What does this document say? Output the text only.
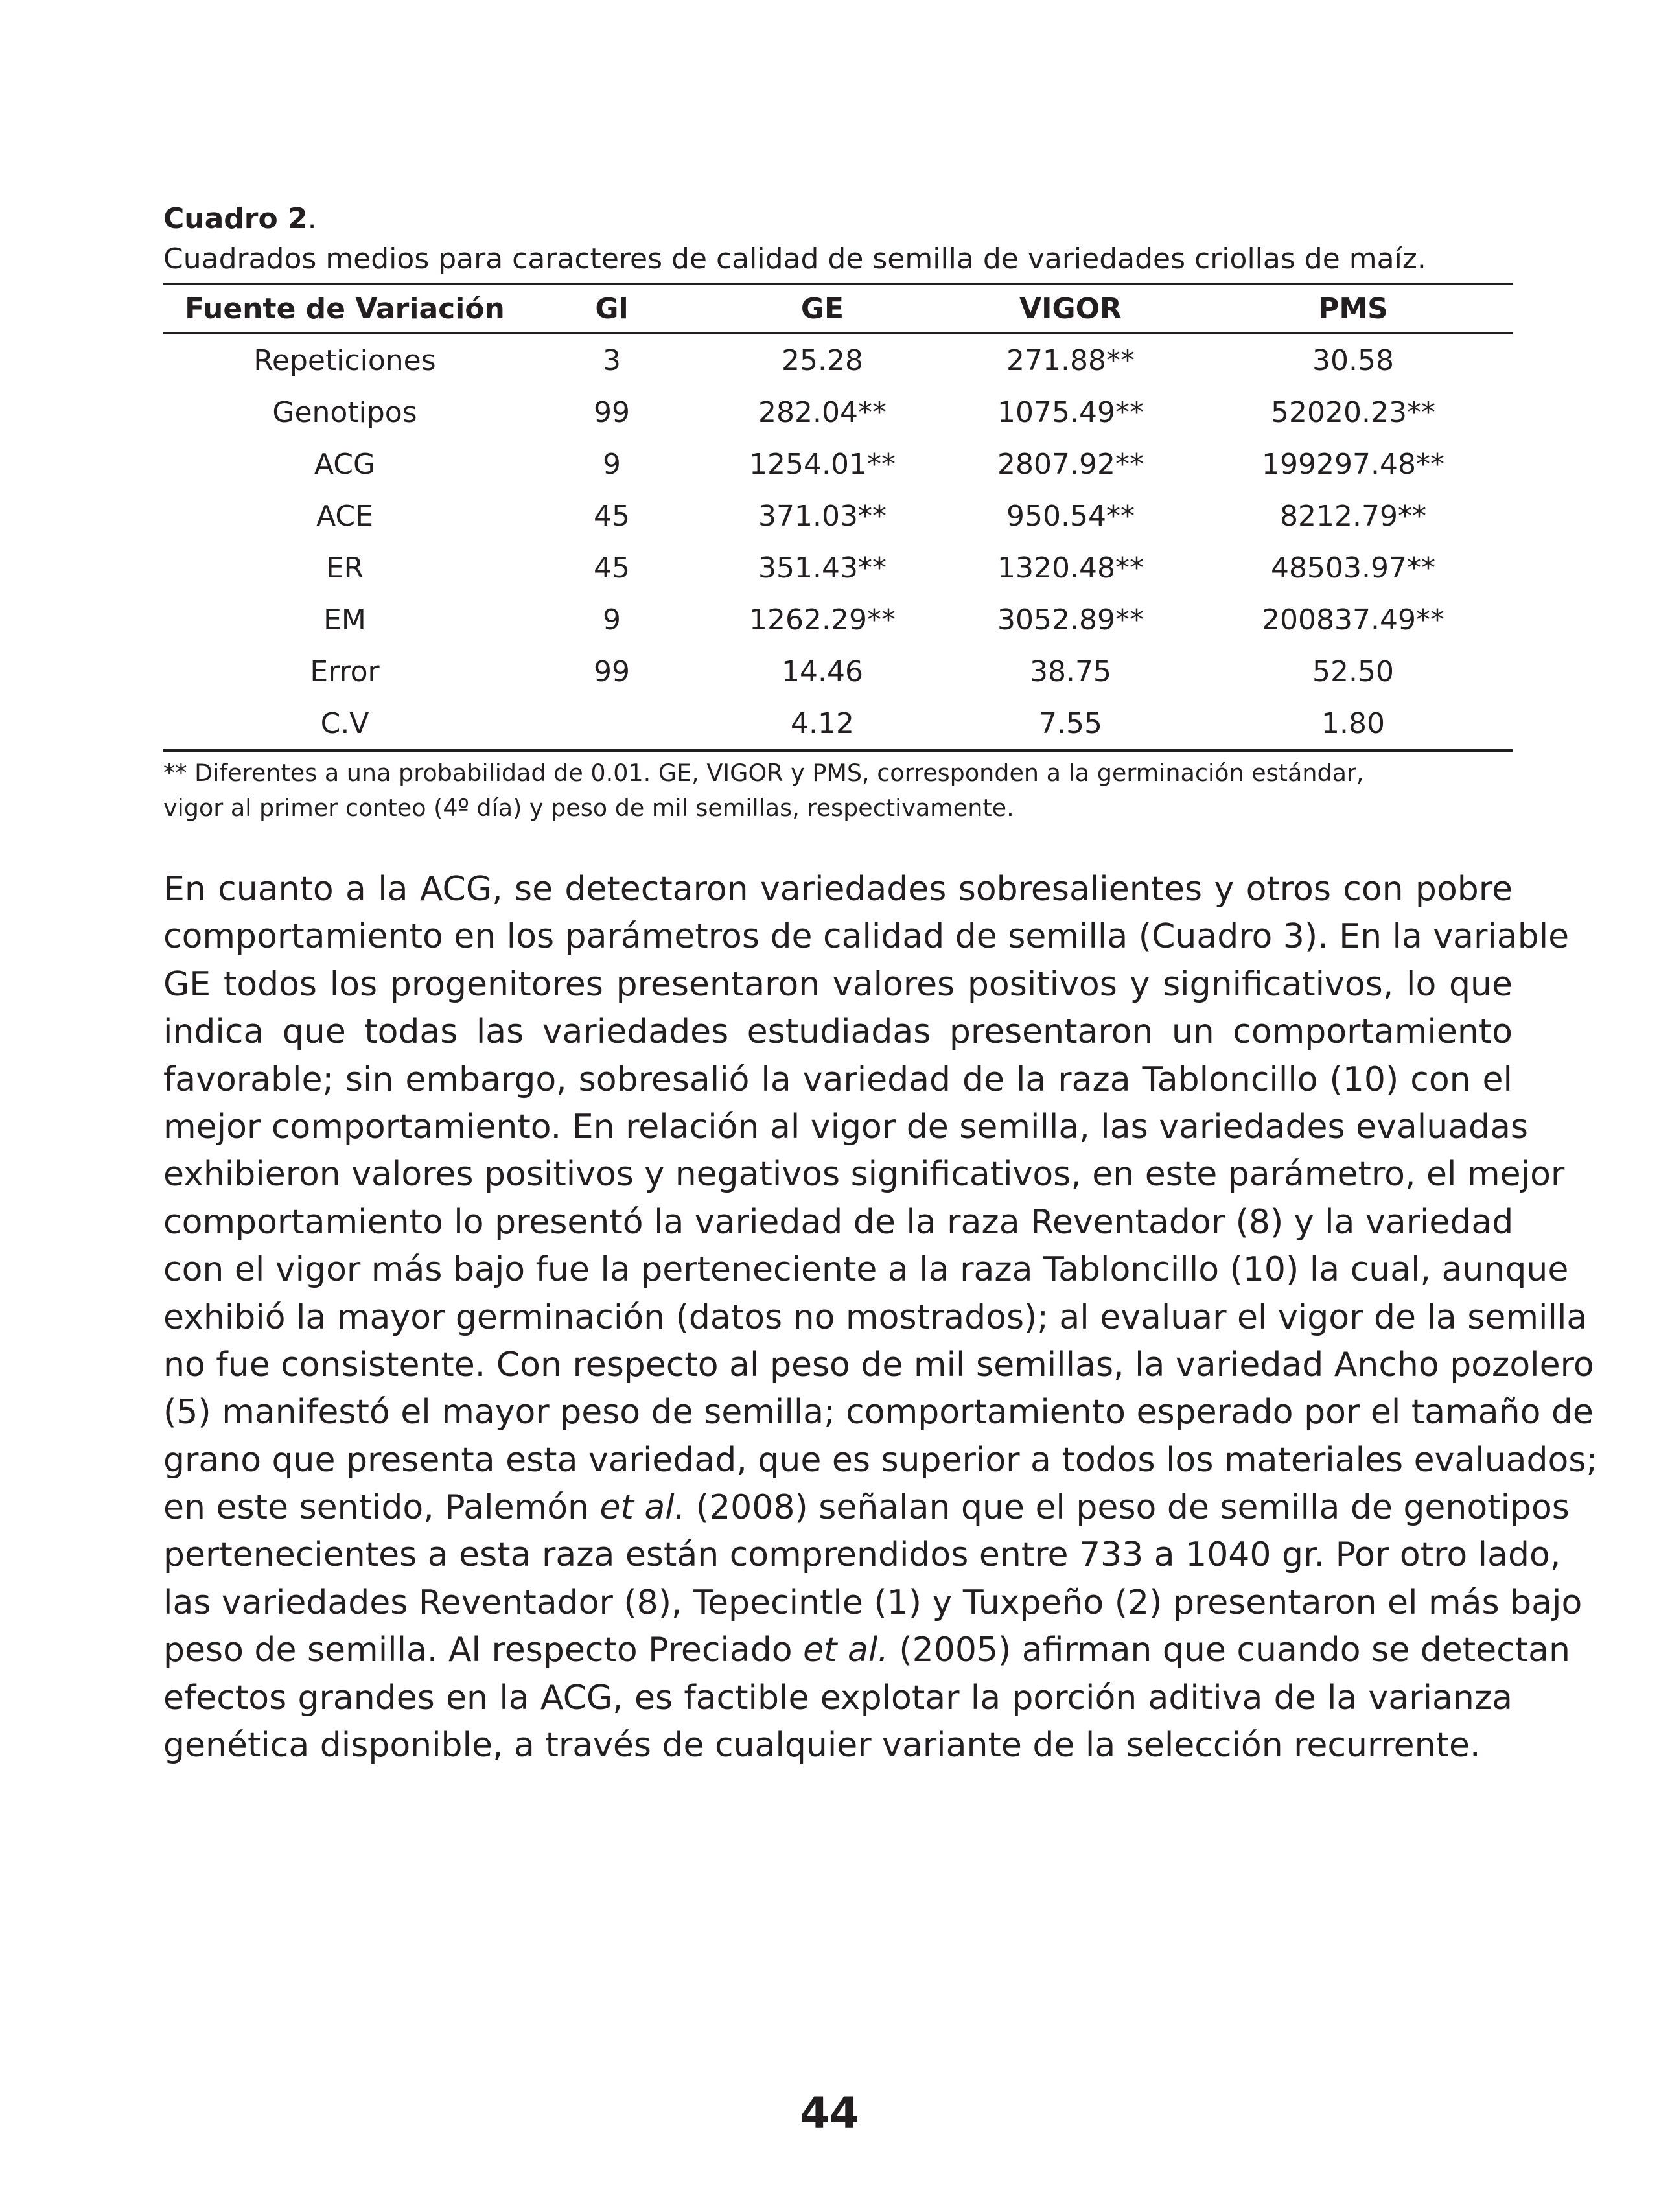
Cuadro 2.

Cuadrados medios para caracteres de calidad de semilla de variedades criollas de maíz.

Fuente de Variación	Gl	GE	VIGOR	PMS
Repeticiones	3	25.28	271.88**	30.58
Genotipos	99	282.04**	1075.49**	52020.23**
ACG	9	1254.01**	2807.92**	199297.48**
ACE	45	371.03**	950.54**	8212.79**
ER	45	351.43**	1320.48**	48503.97**
EM	9	1262.29**	3052.89**	200837.49**
Error	99	14.46	38.75	52.50
C.V		4.12	7.55	1.80

** Diferentes a una probabilidad de 0.01. GE, VIGOR y PMS, corresponden a la germinación estándar,

vigor al primer conteo (4º día) y peso de mil semillas, respectivamente.

En cuanto a la ACG, se detectaron variedades sobresalientes y otros con pobre
comportamiento en los parámetros de calidad de semilla (Cuadro 3). En la variable
GE todos los progenitores presentaron valores positivos y significativos, lo que
indica que todas las variedades estudiadas presentaron un comportamiento
favorable; sin embargo, sobresalió la variedad de la raza Tabloncillo (10) con el
mejor comportamiento. En relación al vigor de semilla, las variedades evaluadas
exhibieron valores positivos y negativos significativos, en este parámetro, el mejor
comportamiento lo presentó la variedad de la raza Reventador (8) y la variedad
con el vigor más bajo fue la perteneciente a la raza Tabloncillo (10) la cual, aunque
exhibió la mayor germinación (datos no mostrados); al evaluar el vigor de la semilla
no fue consistente. Con respecto al peso de mil semillas, la variedad Ancho pozolero
(5) manifestó el mayor peso de semilla; comportamiento esperado por el tamaño de
grano que presenta esta variedad, que es superior a todos los materiales evaluados;
en este sentido, Palemón et al. (2008) señalan que el peso de semilla de genotipos
pertenecientes a esta raza están comprendidos entre 733 a 1040 gr. Por otro lado,
las variedades Reventador (8), Tepecintle (1) y Tuxpeño (2) presentaron el más bajo
peso de semilla. Al respecto Preciado et al. (2005) afirman que cuando se detectan
efectos grandes en la ACG, es factible explotar la porción aditiva de la varianza
genética disponible, a través de cualquier variante de la selección recurrente.
44
